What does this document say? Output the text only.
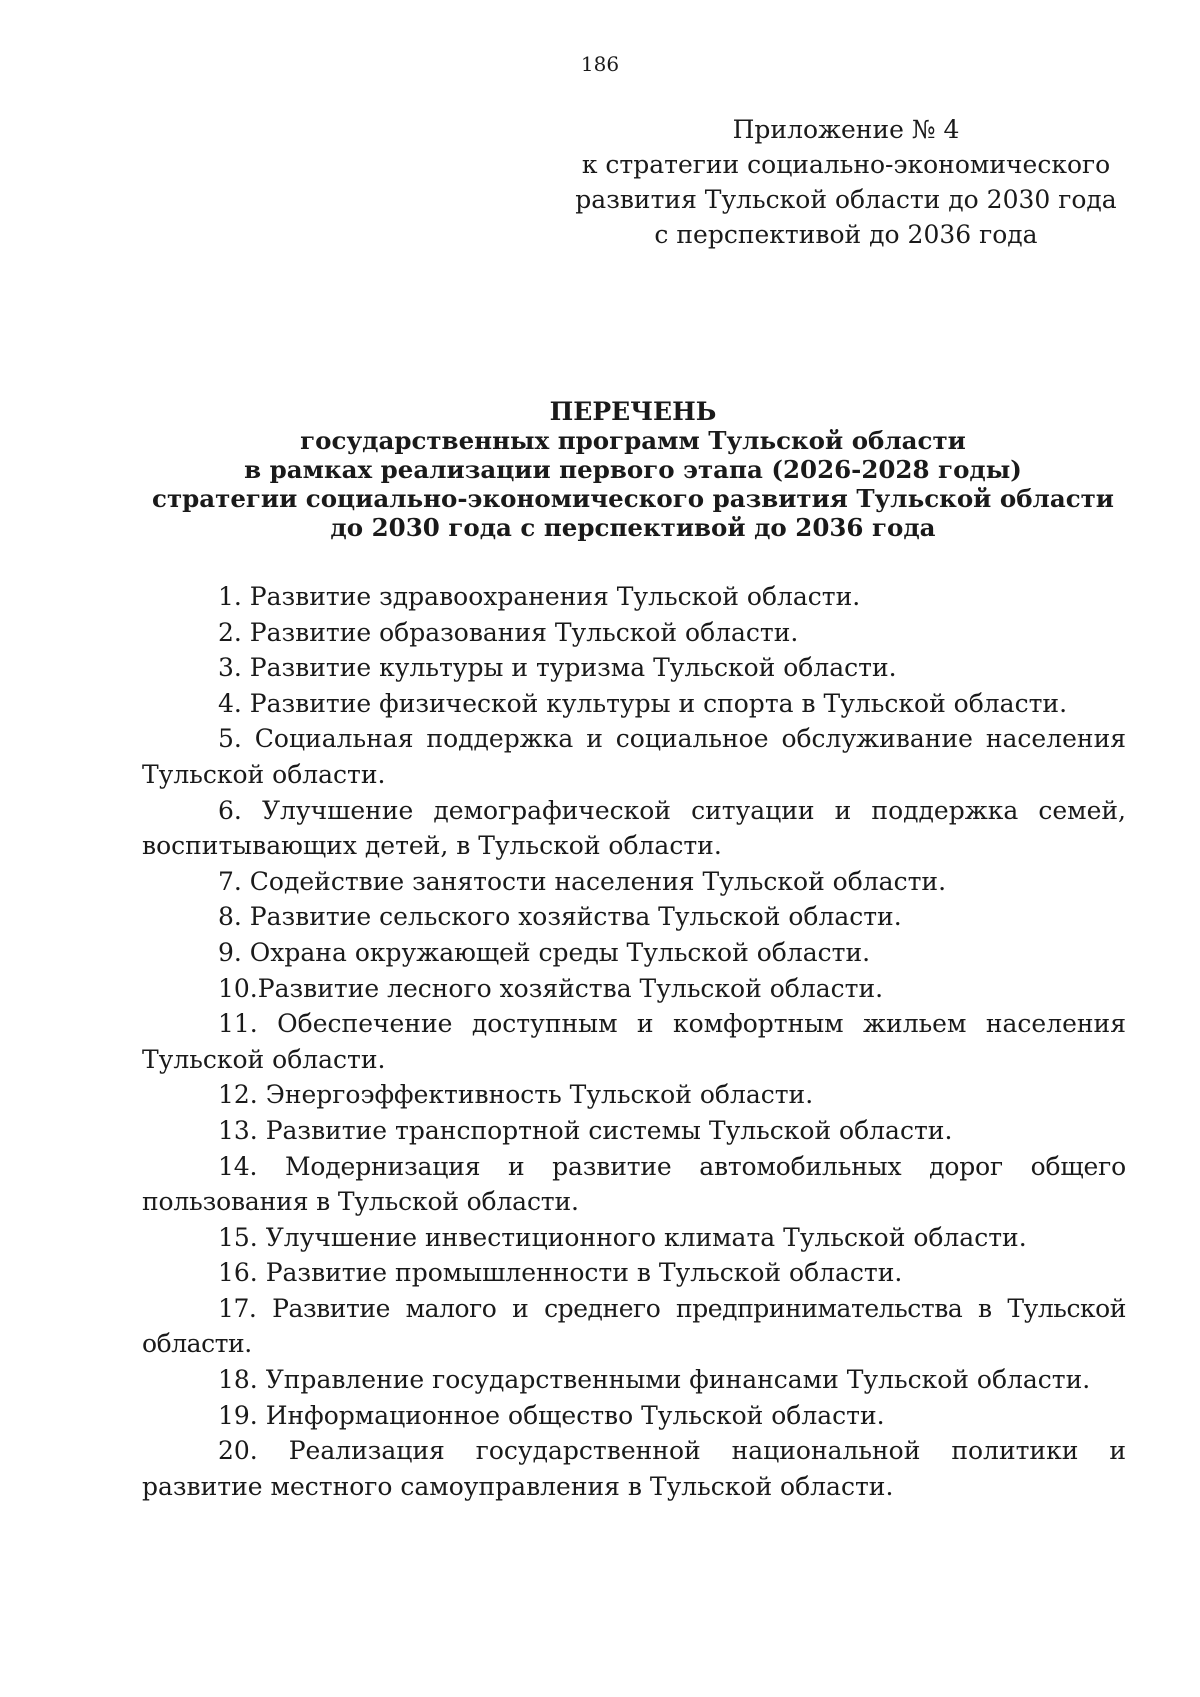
186
Приложение № 4
к стратегии социально-экономического
развития Тульской области до 2030 года
с перспективой до 2036 года
ПЕРЕЧЕНЬ
государственных программ Тульской области
в рамках реализации первого этапа (2026-2028 годы)
стратегии социально-экономического развития Тульской области
до 2030 года с перспективой до 2036 года

1. Развитие здравоохранения Тульской области.

2. Развитие образования Тульской области.

3. Развитие культуры и туризма Тульской области.

4. Развитие физической культуры и спорта в Тульской области.

5. Социальная поддержка и социальное обслуживание населения Тульской области.

6. Улучшение демографической ситуации и поддержка семей, воспитывающих детей, в Тульской области.

7. Содействие занятости населения Тульской области.

8. Развитие сельского хозяйства Тульской области.

9. Охрана окружающей среды Тульской области.

10.Развитие лесного хозяйства Тульской области.

11. Обеспечение доступным и комфортным жильем населения Тульской области.

12. Энергоэффективность Тульской области.

13. Развитие транспортной системы Тульской области.

14. Модернизация и развитие автомобильных дорог общего пользования в Тульской области.

15. Улучшение инвестиционного климата Тульской области.

16. Развитие промышленности в Тульской области.

17. Развитие малого и среднего предпринимательства в Тульской области.

18. Управление государственными финансами Тульской области.

19. Информационное общество Тульской области.

20. Реализация государственной национальной политики и развитие местного самоуправления в Тульской области.
